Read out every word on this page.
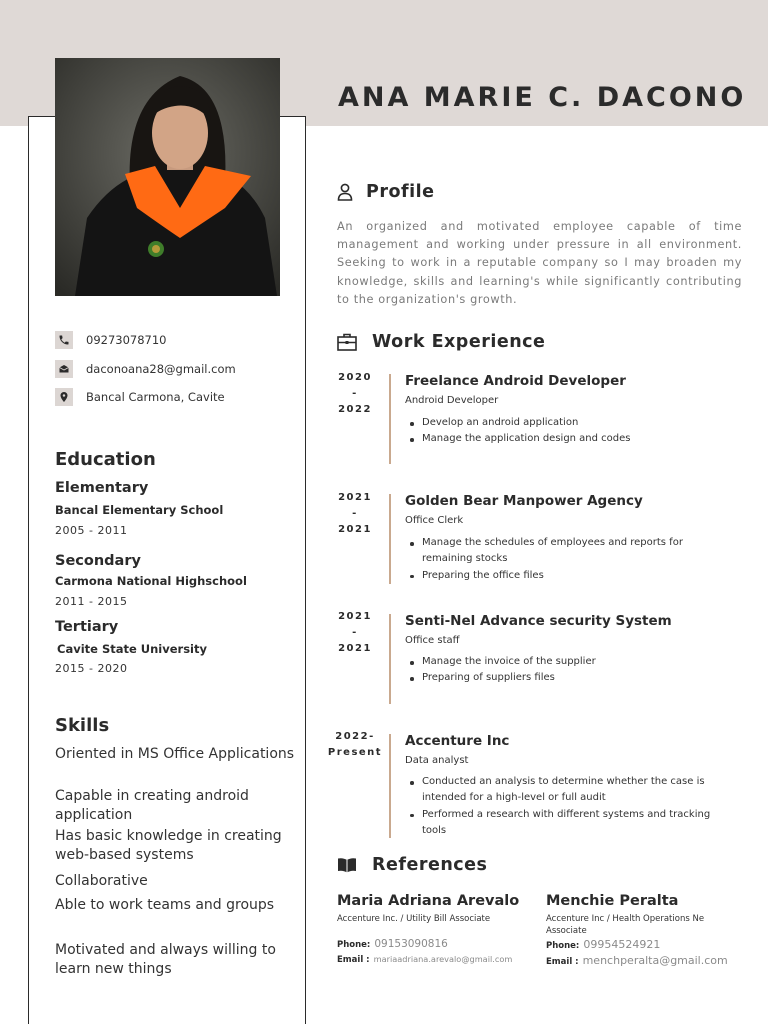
ANA MARIE C. DACONO
09273078710
daconoana28@gmail.com
Bancal Carmona, Cavite
Education
Elementary
Bancal Elementary School
2005 - 2011
Secondary
Carmona National Highschool
2011 - 2015
Tertiary
Cavite State University
2015 - 2020
Skills
Oriented in MS Office Applications
Capable in creating android application
Has basic knowledge in creating web-based systems
Collaborative
Able to work teams and groups
Motivated and always willing to learn new things
Profile
An organized and motivated employee capable of time management and working under pressure in all environment. Seeking to work in a reputable company so I may broaden my knowledge, skills and learning's while significantly contributing to the organization's growth.
Work Experience
2020
-
2022
Freelance Android Developer
Android Developer
Develop an android application
Manage the application design and codes
2021
-
2021
Golden Bear Manpower Agency
Office Clerk
Manage the schedules of employees and reports for remaining stocks
Preparing the office files
2021
-
2021
Senti-Nel Advance security System
Office staff
Manage the invoice of the supplier
Preparing of suppliers files
2022-
Present
Accenture Inc
Data analyst
Conducted an analysis to determine whether the case is intended for a high-level or full audit
Performed a research with different systems and tracking tools
References
Maria Adriana Arevalo
Accenture Inc. / Utility Bill Associate
Phone: 09153090816
Email : mariaadriana.arevalo@gmail.com
Menchie Peralta
Accenture Inc / Health Operations Ne Associate
Phone: 09954524921
Email : menchperalta@gmail.com
